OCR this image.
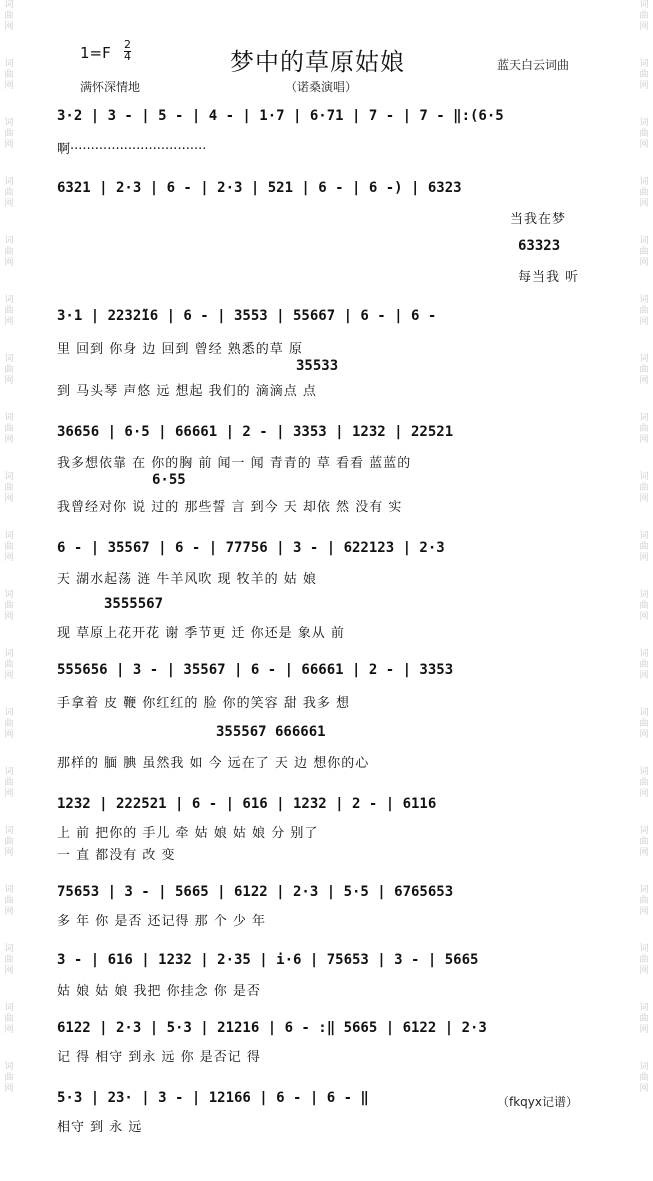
词曲网
词曲网
词曲网
词曲网
词曲网
词曲网
词曲网
词曲网
词曲网
词曲网
词曲网
词曲网
词曲网
词曲网
词曲网
词曲网
词曲网
词曲网
词曲网
词曲网
词曲网
词曲网
词曲网
词曲网
词曲网
词曲网
词曲网
词曲网
词曲网
词曲网
词曲网
词曲网
词曲网
词曲网
词曲网
词曲网
词曲网
词曲网
1=F 2
4	梦中的草原姑娘	蓝天白云词曲
满怀深情地	（诺桑演唱）
3·2 | 3 - | 5 - | 4 - | 1·7 | 6·71 | 7 - | 7 - ‖:(6·5
啊·································
6321 | 2·3 | 6 - | 2·3 | 521 | 6 - | 6 -) | 6323
当我在梦
63323
每当我 听
3·1 | 2232̈16 | 6 - | 3553 | 55667 | 6 - | 6 -
里 回到 你身 边 回到 曾经 熟悉的草 原
35533
到 马头琴 声悠 远 想起 我们的 滴滴点 点
36656 | 6·5 | 66661 | 2 - | 3353 | 1232 | 22521
我多想依靠 在 你的胸 前 闻一 闻 青青的 草 看看 蓝蓝的
6·55
我曾经对你 说 过的 那些誓 言 到今 天 却依 然 没有 实
6 - | 35567 | 6 - | 77756 | 3 - | 622123 | 2·3
天 湖水起荡 涟 牛羊风吹 现 牧羊的 姑 娘
3555567
现 草原上花开花 谢 季节更 迁 你还是 象从 前
555656 | 3 - | 35567 | 6 - | 66661 | 2 - | 3353
手拿着 皮 鞭 你红红的 脸 你的笑容 甜 我多 想
355567 666661
那样的 腼 腆 虽然我 如 今 远在了 天 边 想你的心
1232 | 222521 | 6 - | 616 | 1232 | 2 - | 6116
上 前 把你的 手儿 牵 姑 娘 姑 娘 分 别了
一 直 都没有 改 变
75653 | 3 - | 5665 | 6122 | 2·3 | 5·5 | 6765653
多 年 你 是否 还记得 那 个 少 年
3 - | 616 | 1232 | 2·35 | i·6 | 75653 | 3 - | 5665
姑 娘 姑 娘 我把 你挂念 你 是否
6122 | 2·3 | 5·3 | 21216 | 6 - :‖ 5665 | 6122 | 2·3
记 得 相守 到永 远 你 是否记 得
5·3 | 23· | 3 - | 12166 | 6 - | 6 - ‖	（fkqyx记谱）
相守 到 永 远
